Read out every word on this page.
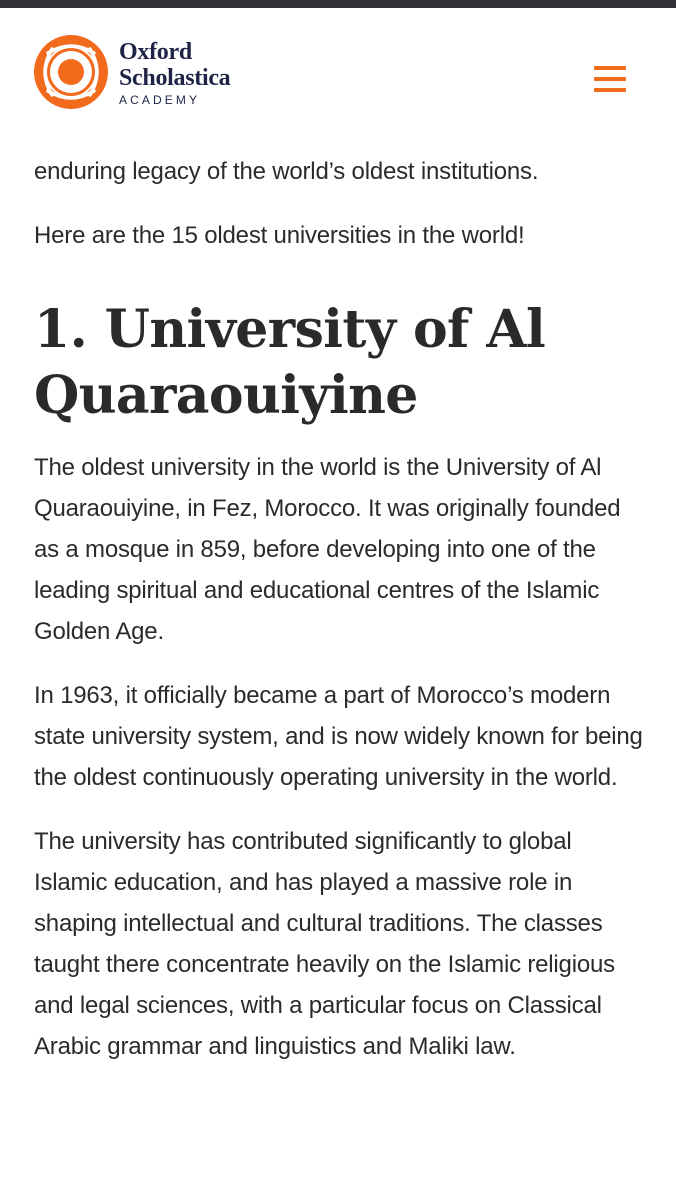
Oxford
Scholastica
ACADEMY

enduring legacy of the world’s oldest institutions.

Here are the 15 oldest universities in the world!

1. University of Al Quaraouiyine

The oldest university in the world is the University of Al Quaraouiyine, in Fez, Morocco. It was originally founded as a mosque in 859, before developing into one of the leading spiritual and educational centres of the Islamic Golden Age.

In 1963, it officially became a part of Morocco’s modern state university system, and is now widely known for being the oldest continuously operating university in the world.

The university has contributed significantly to global Islamic education, and has played a massive role in shaping intellectual and cultural traditions. The classes taught there concentrate heavily on the Islamic religious and legal sciences, with a particular focus on Classical Arabic grammar and linguistics and Maliki law.
